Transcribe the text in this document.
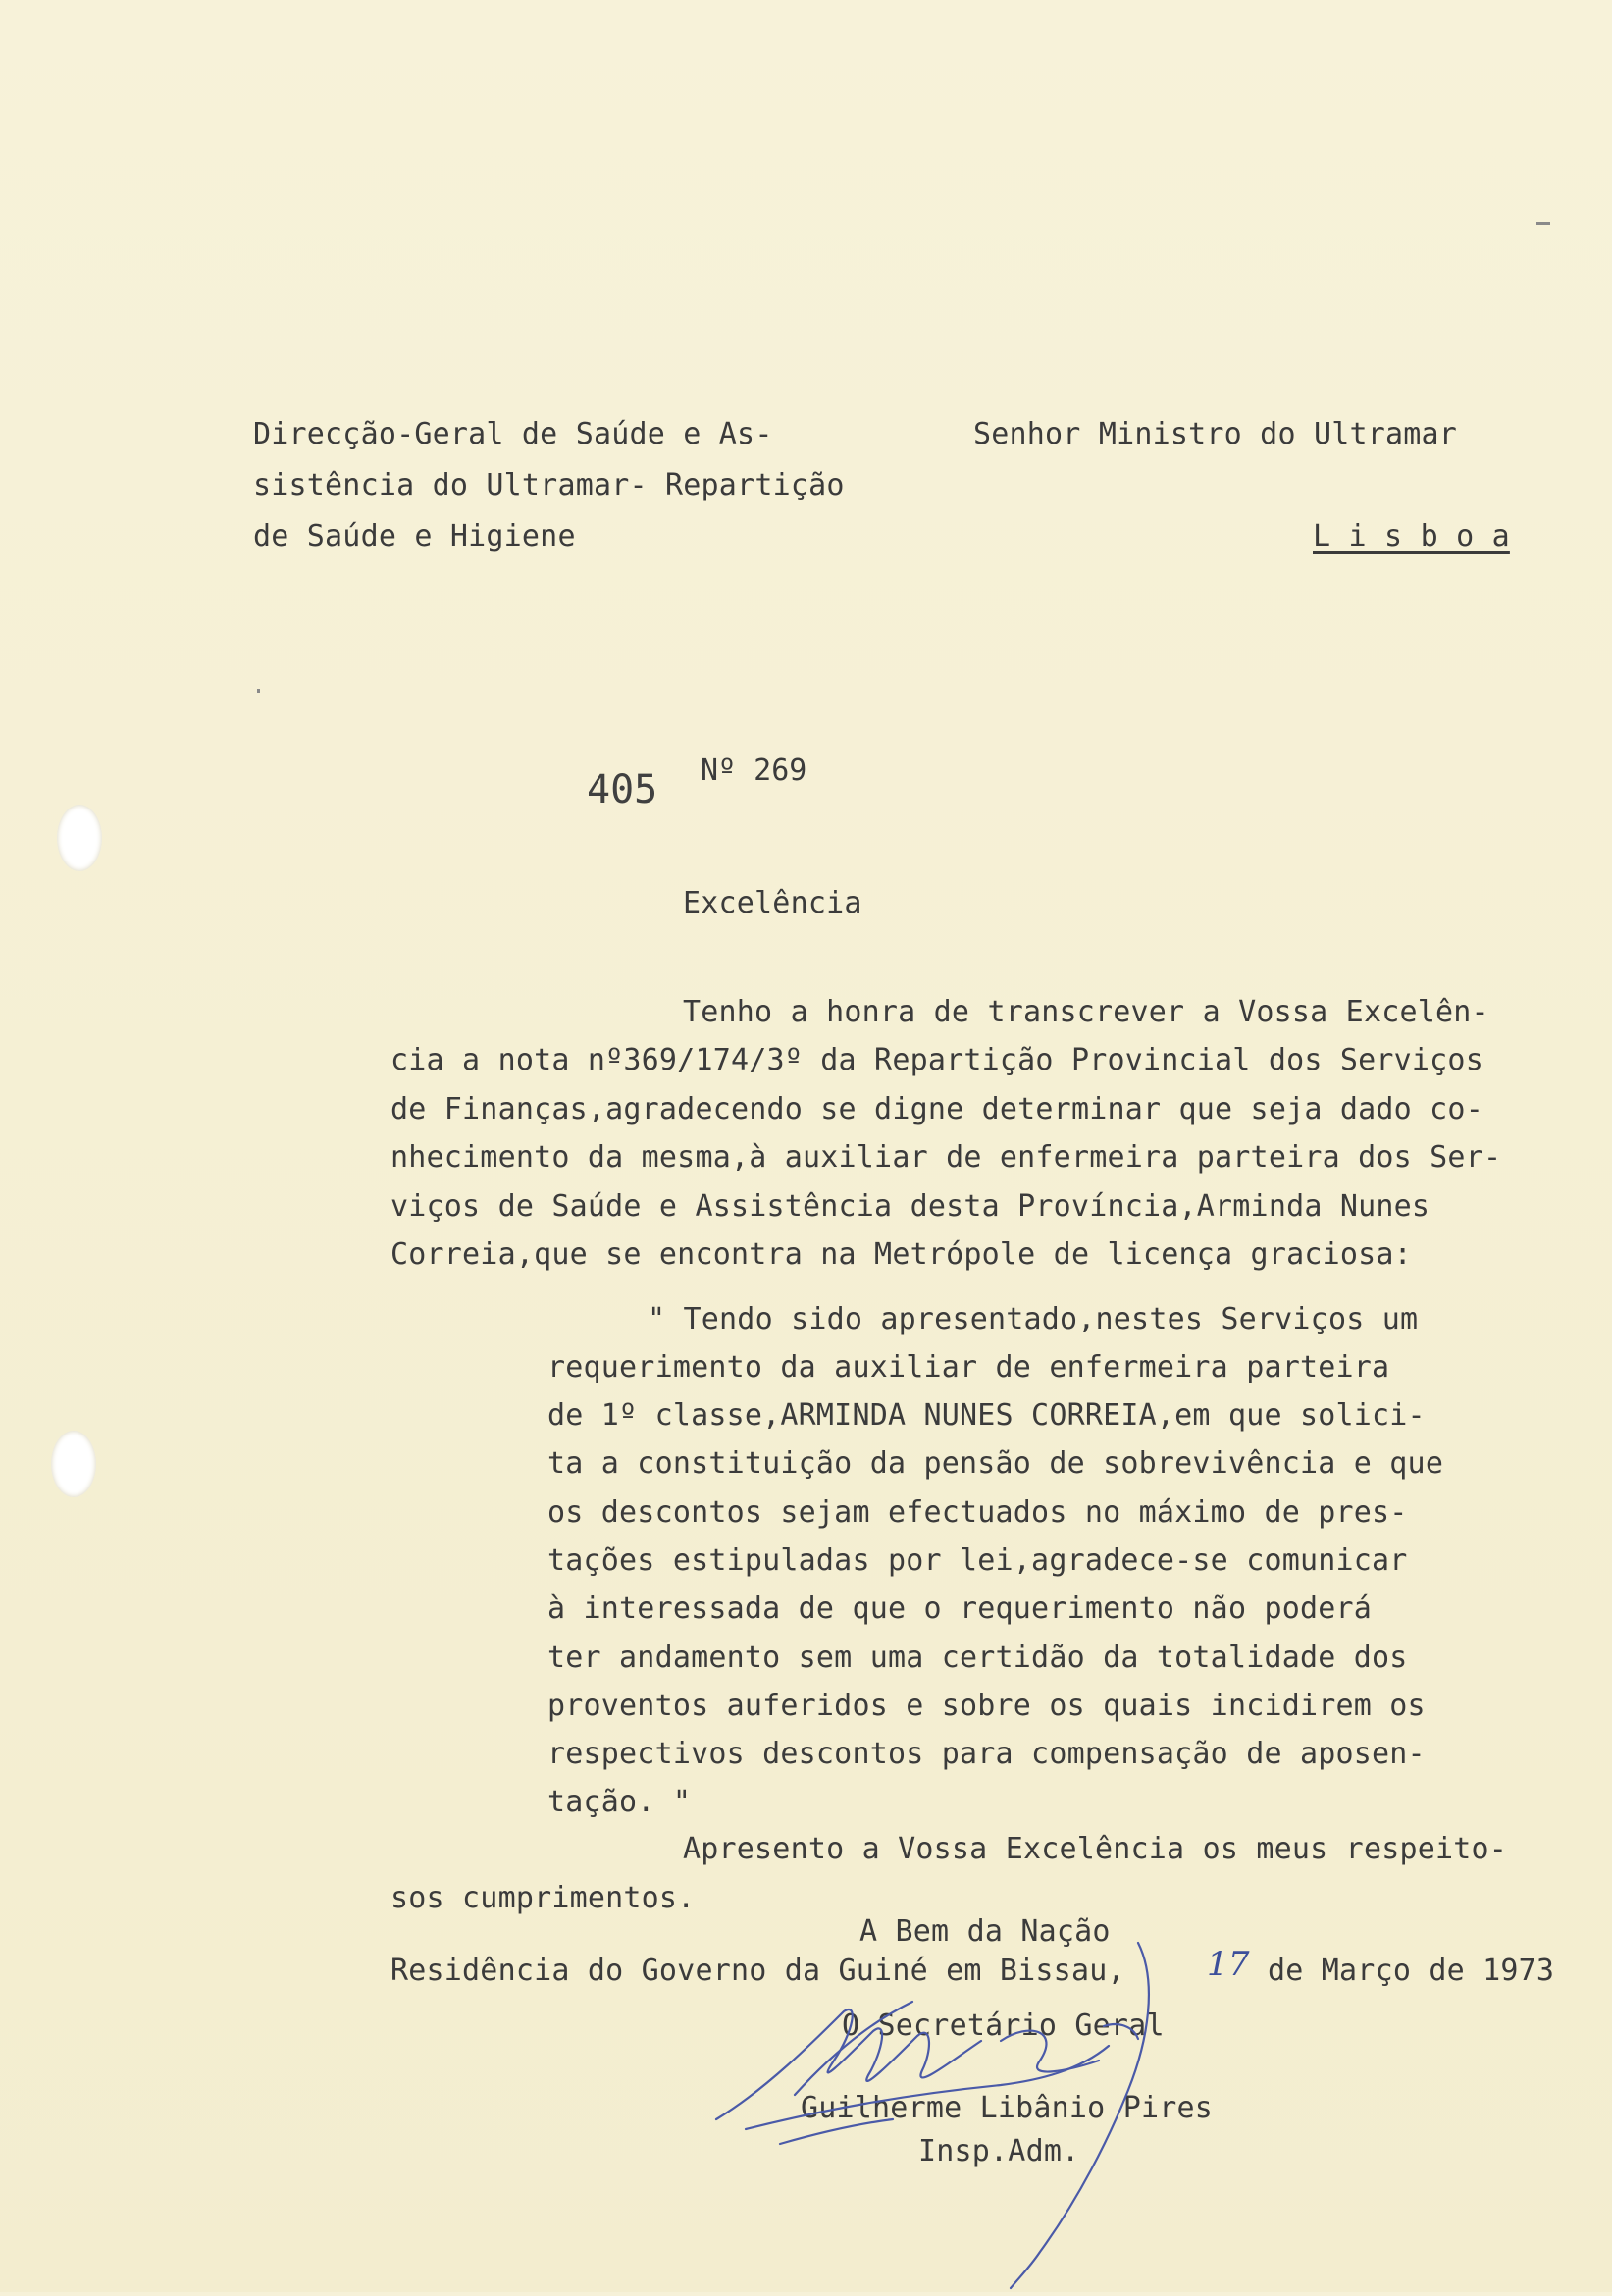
Direcção-Geral de Saúde e As-
sistência do Ultramar- Repartição
de Saúde e Higiene
Senhor Ministro do Ultramar
L i s b o a
405 Nº 269
Excelência
Tenho a honra de transcrever a Vossa Excelên-
cia a nota nº369/174/3º da Repartição Provincial dos Serviços
de Finanças,agradecendo se digne determinar que seja dado co-
nhecimento da mesma,à auxiliar de enfermeira parteira dos Ser-
viços de Saúde e Assistência desta Província,Arminda Nunes
Correia,que se encontra na Metrópole de licença graciosa:
" Tendo sido apresentado,nestes Serviços um
requerimento da auxiliar de enfermeira parteira
de 1º classe,ARMINDA NUNES CORREIA,em que solici-
ta a constituição da pensão de sobrevivência e que
os descontos sejam efectuados no máximo de pres-
tações estipuladas por lei,agradece-se comunicar
à interessada de que o requerimento não poderá
ter andamento sem uma certidão da totalidade dos
proventos auferidos e sobre os quais incidirem os
respectivos descontos para compensação de aposen-
tação. "
Apresento a Vossa Excelência os meus respeito-
sos cumprimentos.
A Bem da Nação
Residência do Governo da Guiné em Bissau, 17 de Março de 1973
O Secretário Geral
Guilherme Libânio Pires
Insp.Adm.
